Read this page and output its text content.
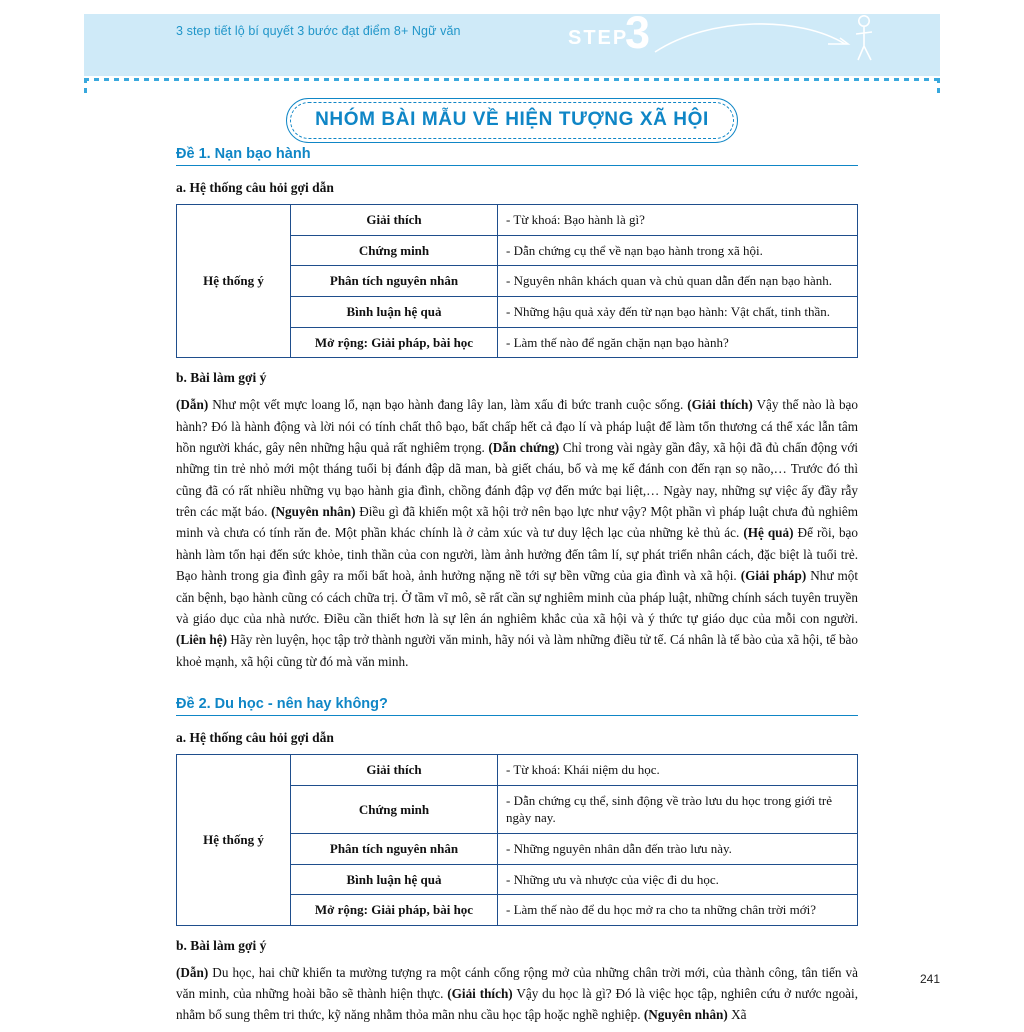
3 step tiết lộ bí quyết 3 bước đạt điểm 8+ Ngữ văn	STEP
3
NHÓM BÀI MẪU VỀ HIỆN TƯỢNG XÃ HỘI
Đề 1. Nạn bạo hành
a. Hệ thống câu hỏi gợi dẫn
Hệ thống ý	Giải thích	- Từ khoá: Bạo hành là gì?
	Chứng minh	- Dẫn chứng cụ thể về nạn bạo hành trong xã hội.
	Phân tích nguyên nhân	- Nguyên nhân khách quan và chủ quan dẫn đến nạn bạo hành.
	Bình luận hệ quả	- Những hậu quả xảy đến từ nạn bạo hành: Vật chất, tinh thần.
	Mở rộng: Giải pháp, bài học	- Làm thế nào để ngăn chặn nạn bạo hành?
b. Bài làm gợi ý

(Dẫn) Như một vết mực loang lổ, nạn bạo hành đang lây lan, làm xấu đi bức tranh cuộc sống. (Giải thích) Vậy thế nào là bạo hành? Đó là hành động và lời nói có tính chất thô bạo, bất chấp hết cả đạo lí và pháp luật để làm tổn thương cá thể xác lẫn tâm hồn người khác, gây nên những hậu quả rất nghiêm trọng. (Dẫn chứng) Chỉ trong vài ngày gần đây, xã hội đã đủ chấn động với những tin trẻ nhỏ mới một tháng tuổi bị đánh đập dã man, bà giết cháu, bố và mẹ kế đánh con đến rạn sọ não,… Trước đó thì cũng đã có rất nhiều những vụ bạo hành gia đình, chồng đánh đập vợ đến mức bại liệt,… Ngày nay, những sự việc ấy đầy rẫy trên các mặt báo. (Nguyên nhân) Điều gì đã khiến một xã hội trở nên bạo lực như vậy? Một phần vì pháp luật chưa đủ nghiêm minh và chưa có tính răn đe. Một phần khác chính là ở cảm xúc và tư duy lệch lạc của những kẻ thủ ác. (Hệ quả) Để rồi, bạo hành làm tổn hại đến sức khỏe, tinh thần của con người, làm ảnh hưởng đến tâm lí, sự phát triển nhân cách, đặc biệt là tuổi trẻ. Bạo hành trong gia đình gây ra mối bất hoà, ảnh hưởng nặng nề tới sự bền vững của gia đình và xã hội. (Giải pháp) Như một căn bệnh, bạo hành cũng có cách chữa trị. Ở tầm vĩ mô, sẽ rất cần sự nghiêm minh của pháp luật, những chính sách tuyên truyền và giáo dục của nhà nước. Điều cần thiết hơn là sự lên án nghiêm khắc của xã hội và ý thức tự giáo dục của mỗi con người. (Liên hệ) Hãy rèn luyện, học tập trở thành người văn minh, hãy nói và làm những điều tử tế. Cá nhân là tế bào của xã hội, tế bào khoẻ mạnh, xã hội cũng từ đó mà văn minh.

Đề 2. Du học - nên hay không?
a. Hệ thống câu hỏi gợi dẫn
Hệ thống ý	Giải thích	- Từ khoá: Khái niệm du học.
	Chứng minh	- Dẫn chứng cụ thể, sinh động về trào lưu du học trong giới trẻ ngày nay.
	Phân tích nguyên nhân	- Những nguyên nhân dẫn đến trào lưu này.
	Bình luận hệ quả	- Những ưu và nhược của việc đi du học.
	Mở rộng: Giải pháp, bài học	- Làm thế nào để du học mở ra cho ta những chân trời mới?
b. Bài làm gợi ý

(Dẫn) Du học, hai chữ khiến ta mường tượng ra một cánh cổng rộng mở của những chân trời mới, của thành công, tân tiến và văn minh, của những hoài bão sẽ thành hiện thực. (Giải thích) Vậy du học là gì? Đó là việc học tập, nghiên cứu ở nước ngoài, nhằm bổ sung thêm tri thức, kỹ năng nhằm thỏa mãn nhu cầu học tập hoặc nghề nghiệp. (Nguyên nhân) Xã

241
